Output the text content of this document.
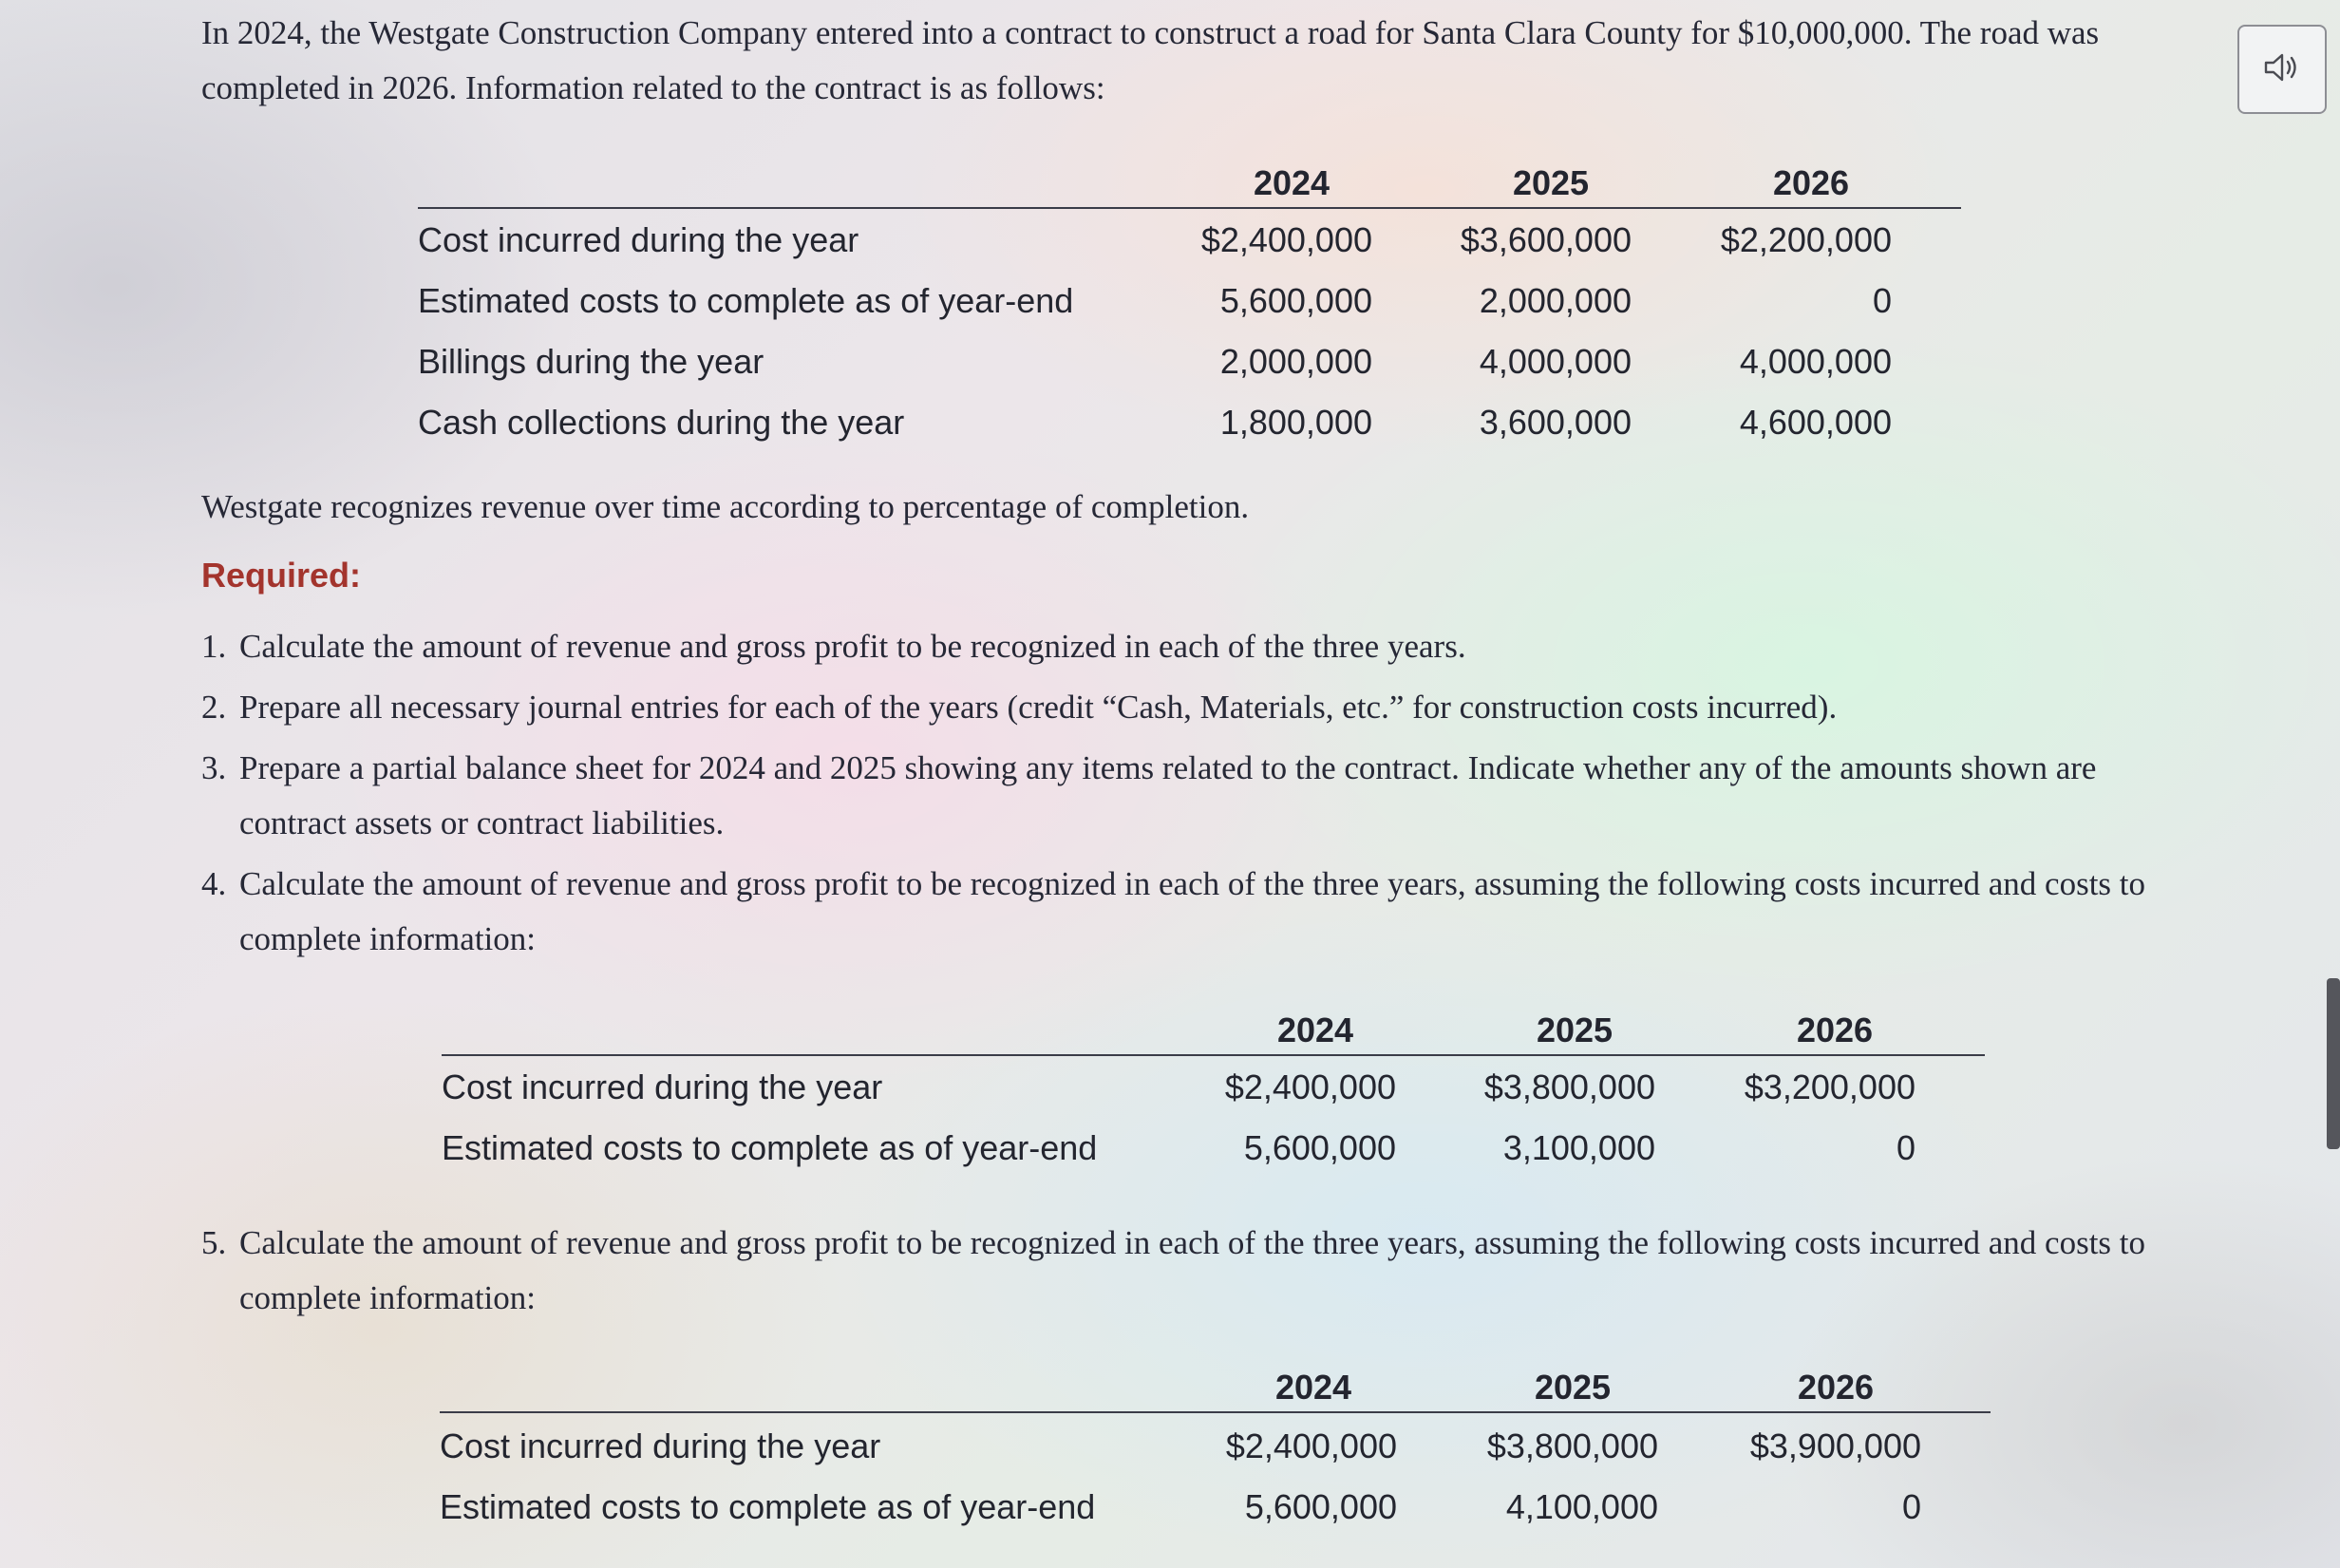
In 2024, the Westgate Construction Company entered into a contract to construct a road for Santa Clara County for $10,000,000. The road was completed in 2026. Information related to the contract is as follows:
2024	2025	2026
Cost incurred during the year	$2,400,000	$3,600,000	$2,200,000
Estimated costs to complete as of year-end	5,600,000	2,000,000	0
Billings during the year	2,000,000	4,000,000	4,000,000
Cash collections during the year	1,800,000	3,600,000	4,600,000
Westgate recognizes revenue over time according to percentage of completion.
Required:
1. Calculate the amount of revenue and gross profit to be recognized in each of the three years.
2. Prepare all necessary journal entries for each of the years (credit “Cash, Materials, etc.” for construction costs incurred).
3. Prepare a partial balance sheet for 2024 and 2025 showing any items related to the contract. Indicate whether any of the amounts shown are contract assets or contract liabilities.
4. Calculate the amount of revenue and gross profit to be recognized in each of the three years, assuming the following costs incurred and costs to complete information:
5. Calculate the amount of revenue and gross profit to be recognized in each of the three years, assuming the following costs incurred and costs to complete information:
2024	2025	2026
Cost incurred during the year	$2,400,000	$3,800,000	$3,200,000
Estimated costs to complete as of year-end	5,600,000	3,100,000	0
2024	2025	2026
Cost incurred during the year	$2,400,000	$3,800,000	$3,900,000
Estimated costs to complete as of year-end	5,600,000	4,100,000	0
